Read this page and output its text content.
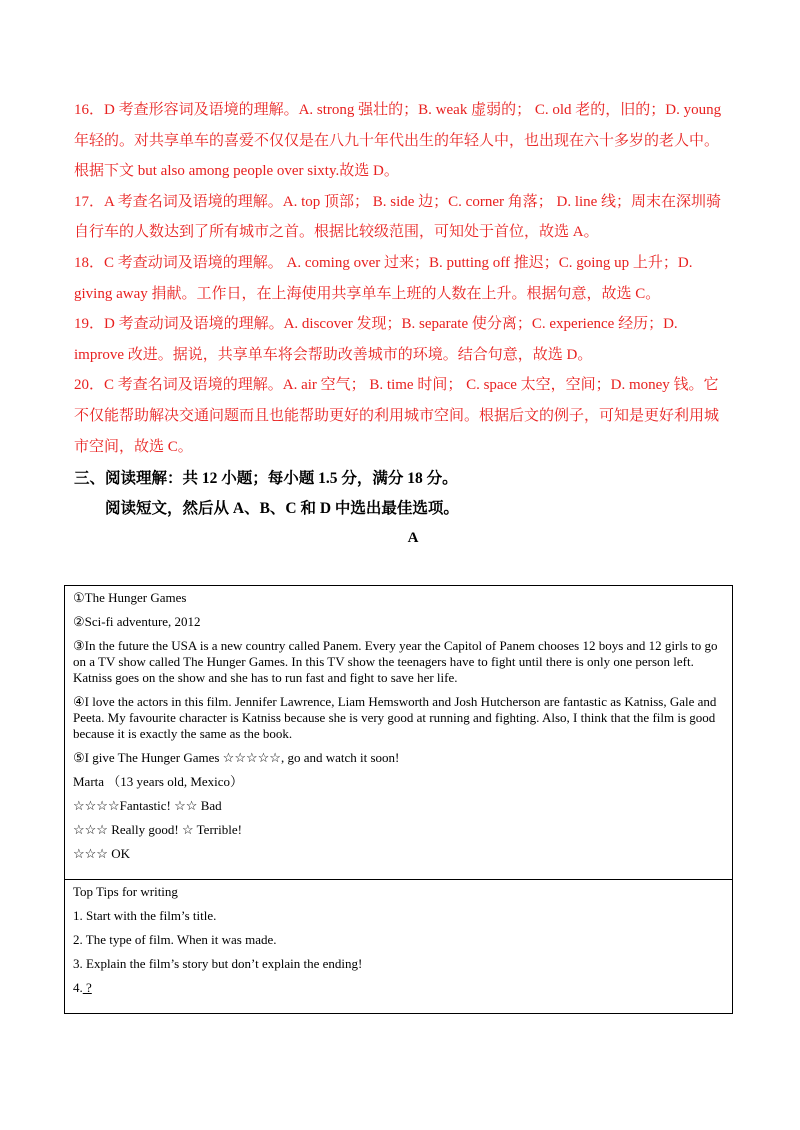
16．D 考查形容词及语境的理解。A. strong 强壮的；B. weak 虚弱的； C. old 老的，旧的；D. young 年轻的。对共享单车的喜爱不仅仅是在八九十年代出生的年轻人中，也出现在六十多岁的老人中。根据下文 but also among people over sixty.故选 D。

17．A 考查名词及语境的理解。A. top 顶部； B. side 边；C. corner 角落； D. line 线；周末在深圳骑自行车的人数达到了所有城市之首。根据比较级范围，可知处于首位，故选 A。

18．C 考查动词及语境的理解。 A. coming over 过来；B. putting off 推迟；C. going up 上升；D. giving away 捐献。工作日，在上海使用共享单车上班的人数在上升。根据句意，故选 C。

19．D 考查动词及语境的理解。A. discover 发现；B. separate 使分离；C. experience 经历；D. improve 改进。据说，共享单车将会帮助改善城市的环境。结合句意，故选 D。

20．C 考查名词及语境的理解。A. air 空气； B. time 时间； C. space 太空，空间；D. money 钱。它不仅能帮助解决交通问题而且也能帮助更好的利用城市空间。根据后文的例子，可知是更好利用城市空间，故选 C。

三、阅读理解：共 12 小题；每小题 1.5 分，满分 18 分。
阅读短文，然后从 A、B、C 和 D 中选出最佳选项。
A

①The Hunger Games

②Sci-fi adventure, 2012

③In the future the USA is a new country called Panem. Every year the Capitol of Panem chooses 12 boys and 12 girls to go on a TV show called The Hunger Games. In this TV show the teenagers have to fight until there is only one person left. Katniss goes on the show and she has to run fast and fight to save her life.

④I love the actors in this film. Jennifer Lawrence, Liam Hemsworth and Josh Hutcherson are fantastic as Katniss, Gale and Peeta. My favourite character is Katniss because she is very good at running and fighting. Also, I think that the film is good because it is exactly the same as the book.

⑤I give The Hunger Games ☆☆☆☆☆, go and watch it soon!

Marta （13 years old, Mexico）

☆☆☆☆Fantastic! ☆☆ Bad

☆☆☆ Really good! ☆ Terrible!

☆☆☆ OK

Top Tips for writing

1. Start with the film’s title.

2. The type of film. When it was made.

3. Explain the film’s story but don’t explain the ending!

4. ?
